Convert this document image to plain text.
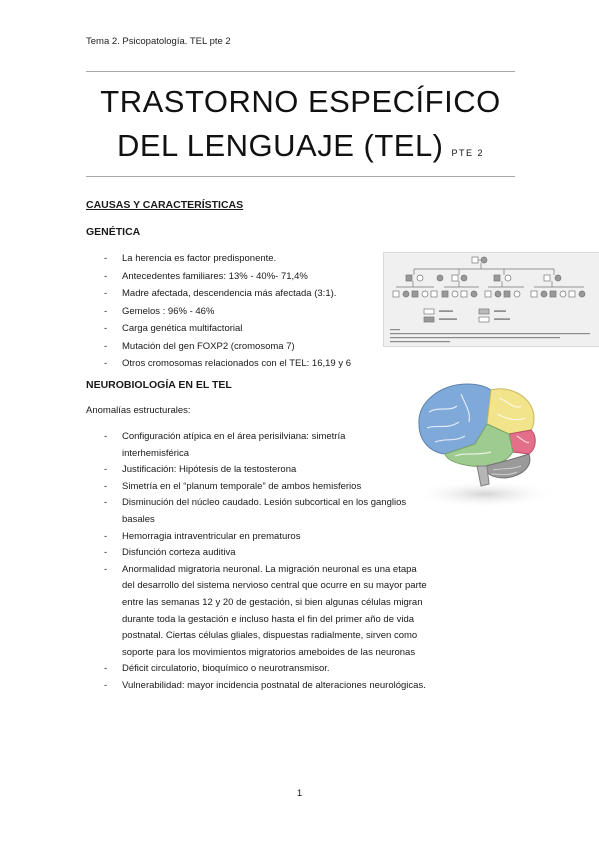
Tema 2. Psicopatología. TEL pte 2
TRASTORNO ESPECÍFICO
DEL LENGUAJE (TEL) PTE 2
CAUSAS Y CARACTERÍSTICAS
GENÉTICA
- La herencia es factor predisponente.
- Antecedentes familiares: 13% - 40%- 71,4%
- Madre afectada, descendencia más afectada (3:1).
- Gemelos : 96% - 46%
- Carga genética multifactorial
- Mutación del gen FOXP2 (cromosoma 7)
- Otros cromosomas relacionados con el TEL: 16,19 y 6
NEUROBIOLOGÍA EN EL TEL
Anomalías estructurales:
- Configuración atípica en el área perisilviana: simetría interhemisférica
- Justificación: Hipótesis de la testosterona
- Simetría en el “planum temporale” de ambos hemisferios
- Disminución del núcleo caudado. Lesión subcortical en los ganglios basales
- Hemorragia intraventricular en prematuros
- Disfunción corteza auditiva
- Anormalidad migratoria neuronal. La migración neuronal es una etapa del desarrollo del sistema nervioso central que ocurre en su mayor parte entre las semanas 12 y 20 de gestación, si bien algunas células migran durante toda la gestación e incluso hasta el fin del primer año de vida postnatal. Ciertas células gliales, dispuestas radialmente, sirven como soporte para los movimientos migratorios ameboides de las neuronas
- Déficit circulatorio, bioquímico o neurotransmisor.
- Vulnerabilidad: mayor incidencia postnatal de alteraciones neurológicas.
1
